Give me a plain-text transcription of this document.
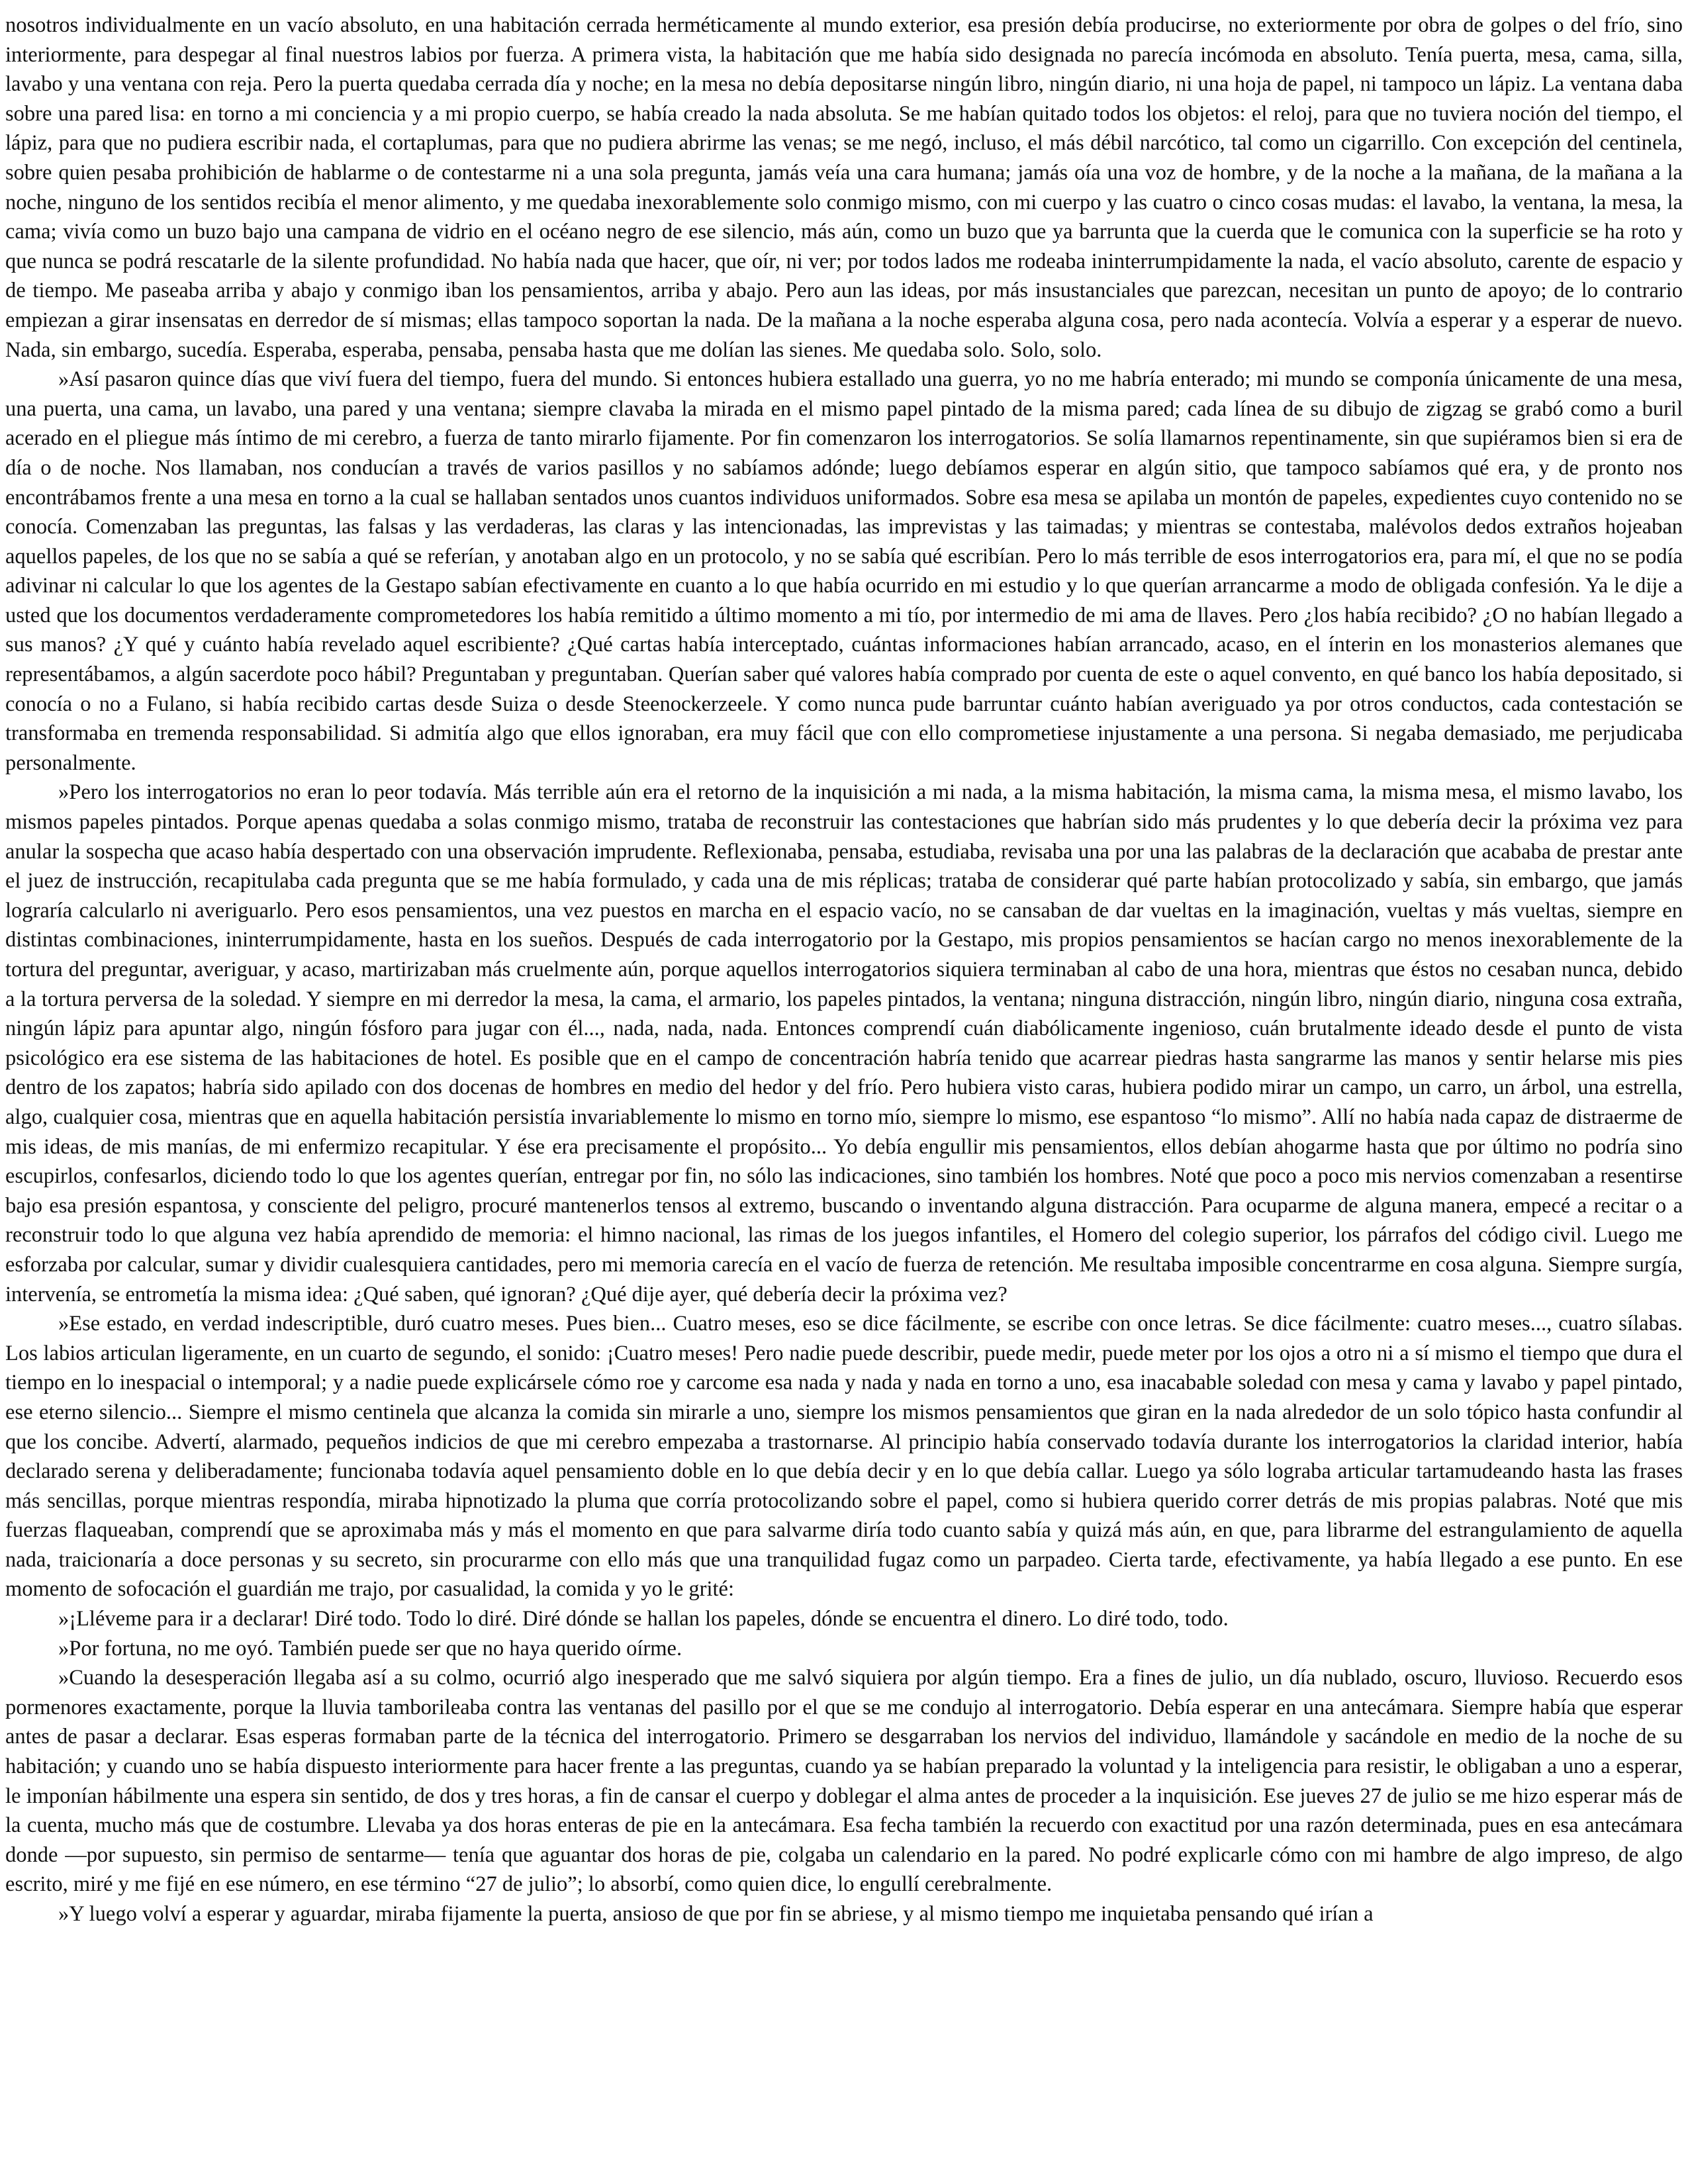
nosotros individualmente en un vacío absoluto, en una habitación cerrada herméticamente al mundo exterior, esa presión debía producirse, no exteriormente por obra de golpes o del frío, sino interiormente, para despegar al final nuestros labios por fuerza. A primera vista, la habitación que me había sido designada no parecía incómoda en absoluto. Tenía puerta, mesa, cama, silla, lavabo y una ventana con reja. Pero la puerta quedaba cerrada día y noche; en la mesa no debía depositarse ningún libro, ningún diario, ni una hoja de papel, ni tampoco un lápiz. La ventana daba sobre una pared lisa: en torno a mi conciencia y a mi propio cuerpo, se había creado la nada absoluta. Se me habían quitado todos los objetos: el reloj, para que no tuviera noción del tiempo, el lápiz, para que no pudiera escribir nada, el cortaplumas, para que no pudiera abrirme las venas; se me negó, incluso, el más débil narcótico, tal como un cigarrillo. Con excepción del centinela, sobre quien pesaba prohibición de hablarme o de contestarme ni a una sola pregunta, jamás veía una cara humana; jamás oía una voz de hombre, y de la noche a la mañana, de la mañana a la noche, ninguno de los sentidos recibía el menor alimento, y me quedaba inexorablemente solo conmigo mismo, con mi cuerpo y las cuatro o cinco cosas mudas: el lavabo, la ventana, la mesa, la cama; vivía como un buzo bajo una campana de vidrio en el océano negro de ese silencio, más aún, como un buzo que ya barrunta que la cuerda que le comunica con la superficie se ha roto y que nunca se podrá rescatarle de la silente profundidad. No había nada que hacer, que oír, ni ver; por todos lados me rodeaba ininterrumpidamente la nada, el vacío absoluto, carente de espacio y de tiempo. Me paseaba arriba y abajo y conmigo iban los pensamientos, arriba y abajo. Pero aun las ideas, por más insustanciales que parezcan, necesitan un punto de apoyo; de lo contrario empiezan a girar insensatas en derredor de sí mismas; ellas tampoco soportan la nada. De la mañana a la noche esperaba alguna cosa, pero nada acontecía. Volvía a esperar y a esperar de nuevo. Nada, sin embargo, sucedía. Esperaba, esperaba, pensaba, pensaba hasta que me dolían las sienes. Me quedaba solo. Solo, solo.

»Así pasaron quince días que viví fuera del tiempo, fuera del mundo. Si entonces hubiera estallado una guerra, yo no me habría enterado; mi mundo se componía únicamente de una mesa, una puerta, una cama, un lavabo, una pared y una ventana; siempre clavaba la mirada en el mismo papel pintado de la misma pared; cada línea de su dibujo de zigzag se grabó como a buril acerado en el pliegue más íntimo de mi cerebro, a fuerza de tanto mirarlo fijamente. Por fin comenzaron los interrogatorios. Se solía llamarnos repentinamente, sin que supiéramos bien si era de día o de noche. Nos llamaban, nos conducían a través de varios pasillos y no sabíamos adónde; luego debíamos esperar en algún sitio, que tampoco sabíamos qué era, y de pronto nos encontrábamos frente a una mesa en torno a la cual se hallaban sentados unos cuantos individuos uniformados. Sobre esa mesa se apilaba un montón de papeles, expedientes cuyo contenido no se conocía. Comenzaban las preguntas, las falsas y las verdaderas, las claras y las intencionadas, las imprevistas y las taimadas; y mientras se contestaba, malévolos dedos extraños hojeaban aquellos papeles, de los que no se sabía a qué se referían, y anotaban algo en un protocolo, y no se sabía qué escribían. Pero lo más terrible de esos interrogatorios era, para mí, el que no se podía adivinar ni calcular lo que los agentes de la Gestapo sabían efectivamente en cuanto a lo que había ocurrido en mi estudio y lo que querían arrancarme a modo de obligada confesión. Ya le dije a usted que los documentos verdaderamente comprometedores los había remitido a último momento a mi tío, por intermedio de mi ama de llaves. Pero ¿los había recibido? ¿O no habían llegado a sus manos? ¿Y qué y cuánto había revelado aquel escribiente? ¿Qué cartas había interceptado, cuántas informaciones habían arrancado, acaso, en el ínterin en los monasterios alemanes que representábamos, a algún sacerdote poco hábil? Preguntaban y preguntaban. Querían saber qué valores había comprado por cuenta de este o aquel convento, en qué banco los había depositado, si conocía o no a Fulano, si había recibido cartas desde Suiza o desde Steenockerzeele. Y como nunca pude barruntar cuánto habían averiguado ya por otros conductos, cada contestación se transformaba en tremenda responsabilidad. Si admitía algo que ellos ignoraban, era muy fácil que con ello comprometiese injustamente a una persona. Si negaba demasiado, me perjudicaba personalmente.

»Pero los interrogatorios no eran lo peor todavía. Más terrible aún era el retorno de la inquisición a mi nada, a la misma habitación, la misma cama, la misma mesa, el mismo lavabo, los mismos papeles pintados. Porque apenas quedaba a solas conmigo mismo, trataba de reconstruir las contestaciones que habrían sido más prudentes y lo que debería decir la próxima vez para anular la sospecha que acaso había despertado con una observación imprudente. Reflexionaba, pensaba, estudiaba, revisaba una por una las palabras de la declaración que acababa de prestar ante el juez de instrucción, recapitulaba cada pregunta que se me había formulado, y cada una de mis réplicas; trataba de considerar qué parte habían protocolizado y sabía, sin embargo, que jamás lograría calcularlo ni averiguarlo. Pero esos pensamientos, una vez puestos en marcha en el espacio vacío, no se cansaban de dar vueltas en la imaginación, vueltas y más vueltas, siempre en distintas combinaciones, ininterrumpidamente, hasta en los sueños. Después de cada interrogatorio por la Gestapo, mis propios pensamientos se hacían cargo no menos inexorablemente de la tortura del preguntar, averiguar, y acaso, martirizaban más cruelmente aún, porque aquellos interrogatorios siquiera terminaban al cabo de una hora, mientras que éstos no cesaban nunca, debido a la tortura perversa de la soledad. Y siempre en mi derredor la mesa, la cama, el armario, los papeles pintados, la ventana; ninguna distracción, ningún libro, ningún diario, ninguna cosa extraña, ningún lápiz para apuntar algo, ningún fósforo para jugar con él..., nada, nada, nada. Entonces comprendí cuán diabólicamente ingenioso, cuán brutalmente ideado desde el punto de vista psicológico era ese sistema de las habitaciones de hotel. Es posible que en el campo de concentración habría tenido que acarrear piedras hasta sangrarme las manos y sentir helarse mis pies dentro de los zapatos; habría sido apilado con dos docenas de hombres en medio del hedor y del frío. Pero hubiera visto caras, hubiera podido mirar un campo, un carro, un árbol, una estrella, algo, cualquier cosa, mientras que en aquella habitación persistía invariablemente lo mismo en torno mío, siempre lo mismo, ese espantoso “lo mismo”. Allí no había nada capaz de distraerme de mis ideas, de mis manías, de mi enfermizo recapitular. Y ése era precisamente el propósito... Yo debía engullir mis pensamientos, ellos debían ahogarme hasta que por último no podría sino escupirlos, confesarlos, diciendo todo lo que los agentes querían, entregar por fin, no sólo las indicaciones, sino también los hombres. Noté que poco a poco mis nervios comenzaban a resentirse bajo esa presión espantosa, y consciente del peligro, procuré mantenerlos tensos al extremo, buscando o inventando alguna distracción. Para ocuparme de alguna manera, empecé a recitar o a reconstruir todo lo que alguna vez había aprendido de memoria: el himno nacional, las rimas de los juegos infantiles, el Homero del colegio superior, los párrafos del código civil. Luego me esforzaba por calcular, sumar y dividir cualesquiera cantidades, pero mi memoria carecía en el vacío de fuerza de retención. Me resultaba imposible concentrarme en cosa alguna. Siempre surgía, intervenía, se entrometía la misma idea: ¿Qué saben, qué ignoran? ¿Qué dije ayer, qué debería decir la próxima vez?

»Ese estado, en verdad indescriptible, duró cuatro meses. Pues bien... Cuatro meses, eso se dice fácilmente, se escribe con once letras. Se dice fácilmente: cuatro meses..., cuatro sílabas. Los labios articulan ligeramente, en un cuarto de segundo, el sonido: ¡Cuatro meses! Pero nadie puede describir, puede medir, puede meter por los ojos a otro ni a sí mismo el tiempo que dura el tiempo en lo inespacial o intemporal; y a nadie puede explicársele cómo roe y carcome esa nada y nada y nada en torno a uno, esa inacabable soledad con mesa y cama y lavabo y papel pintado, ese eterno silencio... Siempre el mismo centinela que alcanza la comida sin mirarle a uno, siempre los mismos pensamientos que giran en la nada alrededor de un solo tópico hasta confundir al que los concibe. Advertí, alarmado, pequeños indicios de que mi cerebro empezaba a trastornarse. Al principio había conservado todavía durante los interrogatorios la claridad interior, había declarado serena y deliberadamente; funcionaba todavía aquel pensamiento doble en lo que debía decir y en lo que debía callar. Luego ya sólo lograba articular tartamudeando hasta las frases más sencillas, porque mientras respondía, miraba hipnotizado la pluma que corría protocolizando sobre el papel, como si hubiera querido correr detrás de mis propias palabras. Noté que mis fuerzas flaqueaban, comprendí que se aproximaba más y más el momento en que para salvarme diría todo cuanto sabía y quizá más aún, en que, para librarme del estrangulamiento de aquella nada, traicionaría a doce personas y su secreto, sin procurarme con ello más que una tranquilidad fugaz como un parpadeo. Cierta tarde, efectivamente, ya había llegado a ese punto. En ese momento de sofocación el guardián me trajo, por casualidad, la comida y yo le grité:

»¡Lléveme para ir a declarar! Diré todo. Todo lo diré. Diré dónde se hallan los papeles, dónde se encuentra el dinero. Lo diré todo, todo.

»Por fortuna, no me oyó. También puede ser que no haya querido oírme.

»Cuando la desesperación llegaba así a su colmo, ocurrió algo inesperado que me salvó siquiera por algún tiempo. Era a fines de julio, un día nublado, oscuro, lluvioso. Recuerdo esos pormenores exactamente, porque la lluvia tamborileaba contra las ventanas del pasillo por el que se me condujo al interrogatorio. Debía esperar en una antecámara. Siempre había que esperar antes de pasar a declarar. Esas esperas formaban parte de la técnica del interrogatorio. Primero se desgarraban los nervios del individuo, llamándole y sacándole en medio de la noche de su habitación; y cuando uno se había dispuesto interiormente para hacer frente a las preguntas, cuando ya se habían preparado la voluntad y la inteligencia para resistir, le obligaban a uno a esperar, le imponían hábilmente una espera sin sentido, de dos y tres horas, a fin de cansar el cuerpo y doblegar el alma antes de proceder a la inquisición. Ese jueves 27 de julio se me hizo esperar más de la cuenta, mucho más que de costumbre. Llevaba ya dos horas enteras de pie en la antecámara. Esa fecha también la recuerdo con exactitud por una razón determinada, pues en esa antecámara donde —por supuesto, sin permiso de sentarme— tenía que aguantar dos horas de pie, colgaba un calendario en la pared. No podré explicarle cómo con mi hambre de algo impreso, de algo escrito, miré y me fijé en ese número, en ese término “27 de julio”; lo absorbí, como quien dice, lo engullí cerebralmente.

»Y luego volví a esperar y aguardar, miraba fijamente la puerta, ansioso de que por fin se abriese, y al mismo tiempo me inquietaba pensando qué irían a
